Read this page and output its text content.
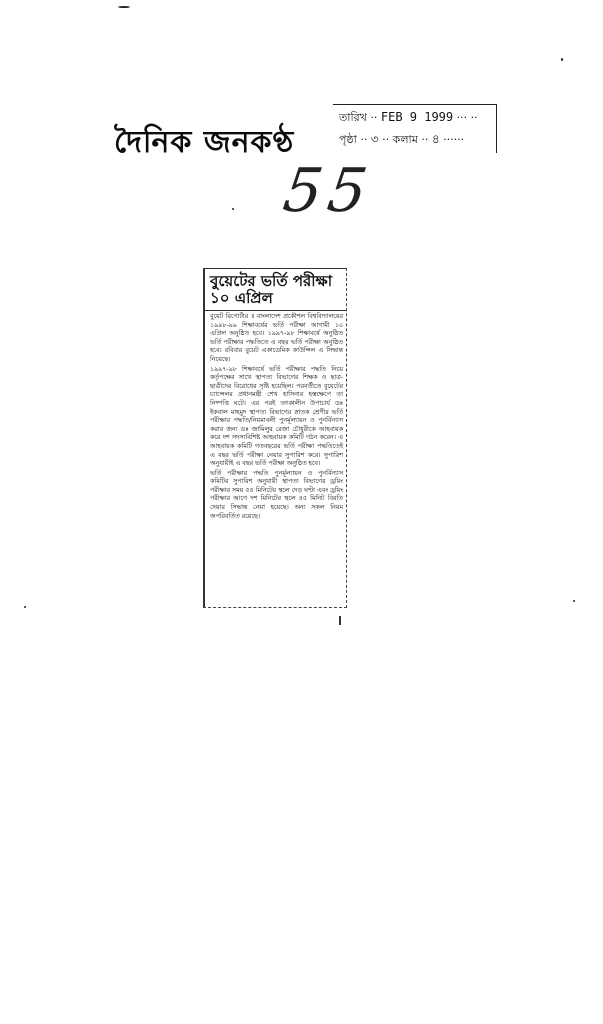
দৈনিক জনকণ্ঠ
তারিখ ·· FEB 9 1999 ··· ··
পৃষ্ঠা ·· ৩ ·· কলাম ·· ৪ ······
55
বুয়েটের ভর্তি পরীক্ষা ১০ এপ্রিল

বুয়েট রিপোর্টার ॥ বাংলাদেশ প্রকৌশল বিশ্ববিদ্যালয়ের ১৯৯৮-৯৯ শিক্ষাবর্ষের ভর্তি পরীক্ষা আগামী ১০ এপ্রিল অনুষ্ঠিত হবে। ১৯৯৭-৯৮ শিক্ষাবর্ষে অনুষ্ঠিত ভর্তি পরীক্ষার পদ্ধতিতে এ বছর ভর্তি পরীক্ষা অনুষ্ঠিত হবে। রবিবার বুয়েট একাডেমিক কাউন্সিল এ সিদ্ধান্ত নিয়েছে।

১৯৯৭-৯৮ শিক্ষাবর্ষে ভর্তি পরীক্ষার পদ্ধতি নিয়ে কর্তৃপক্ষের সাথে স্থাপত্য বিভাগের শিক্ষক ও ছাত্র-ছাত্রীদের বিরোধের সৃষ্টি হয়েছিল। পরবর্তীতে বুয়েটের চ্যান্সেলর প্রধানমন্ত্রী শেখ হাসিনার হস্তক্ষেপে তা নিষ্পত্তি ঘটে। এর পরই তৎকালীন উপাচার্য ডঃ ইকবাল মাহমুদ স্থাপত্য বিভাগের স্নাতক শ্রেণীর ভর্তি পরীক্ষার পদ্ধতি/নিয়মাবলী পুনর্মূল্যায়ন ও পুনর্বিন্যাস করার জন্য ডঃ জামিলুর রেজা চৌধুরীকে আহবায়ক করে দশ সদস্যবিশিষ্ট আহবায়ক কমিটি গঠন করেন। এ আহবায়ক কমিটি গতবছরের ভর্তি পরীক্ষা পদ্ধতিতেই এ বছর ভর্তি পরীক্ষা নেয়ার সুপারিশ করে। সুপারিশ অনুযায়ীই এ বছর ভর্তি পরীক্ষা অনুষ্ঠিত হবে।

ভর্তি পরীক্ষার পদ্ধতি পুনর্মূল্যায়ন ও পুনর্বিন্যাস কমিটির সুপারিশ অনুযায়ী স্থাপত্য বিভাগের ড্রয়িং পরীক্ষার সময় ৫৫ মিনিটের স্থলে দেড় ঘণ্টা এবং ড্রয়িং পরীক্ষার আগে দশ মিনিটের স্থলে ৪৫ মিনিট বিরতি দেয়ার সিদ্ধান্ত নেয়া হয়েছে। অন্য সকল নিয়ম অপরিবর্তিত রয়েছে।
